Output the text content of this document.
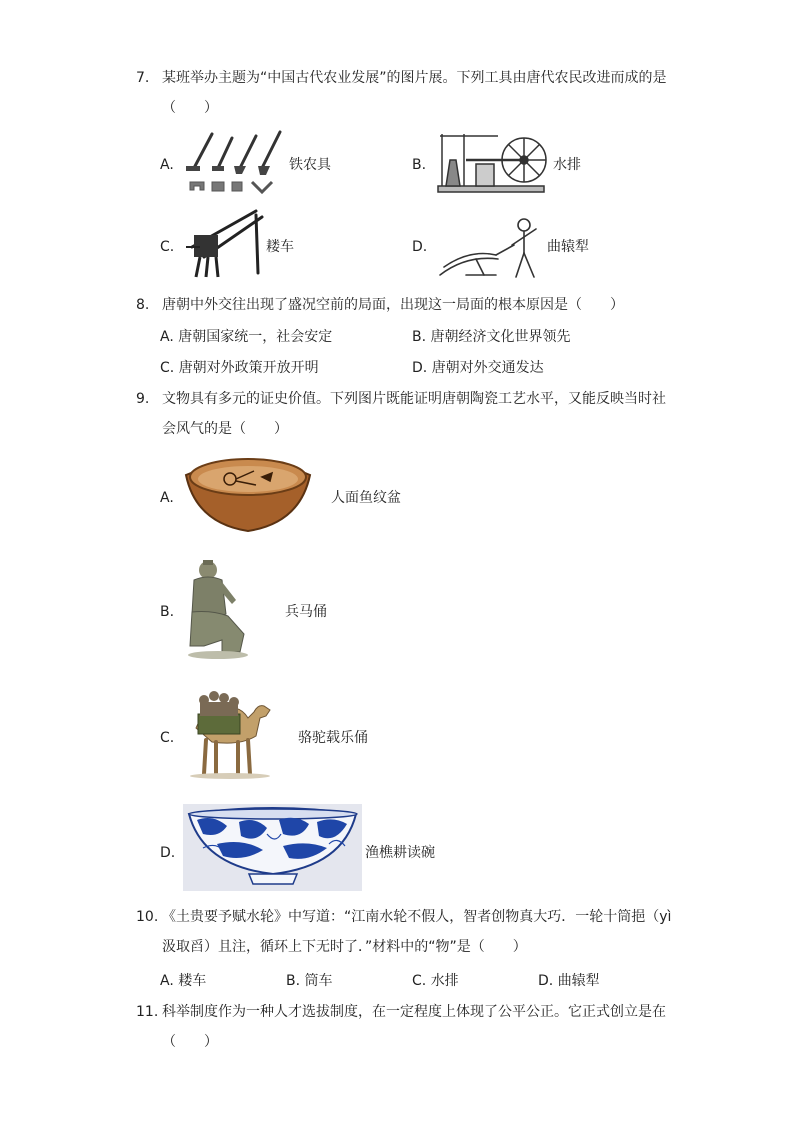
7. 某班举办主题为“中国古代农业发展”的图片展。下列工具由唐代农民改进而成的是（　　）
A.	铁农具	B.	水排
C.	耧车	D.	曲辕犁
8. 唐朝中外交往出现了盛况空前的局面，出现这一局面的根本原因是（　　）
A. 唐朝国家统一，社会安定	B. 唐朝经济文化世界领先
C. 唐朝对外政策开放开明	D. 唐朝对外交通发达
9. 文物具有多元的证史价值。下列图片既能证明唐朝陶瓷工艺水平，又能反映当时社会风气的是（　　）
A.	人面鱼纹盆
B.	兵马俑
C.	骆驼载乐俑
D.	渔樵耕读碗
10. 《土贵要予赋水轮》中写道：“江南水轮不假人，智者创物真大巧．一轮十筒挹（yì 汲取舀）且注，循环上下无时了．”材料中的“物”是（　　）
A. 耧车	B. 筒车	C. 水排	D. 曲辕犁
11. 科举制度作为一种人才选拔制度，在一定程度上体现了公平公正。它正式创立是在（　　）
